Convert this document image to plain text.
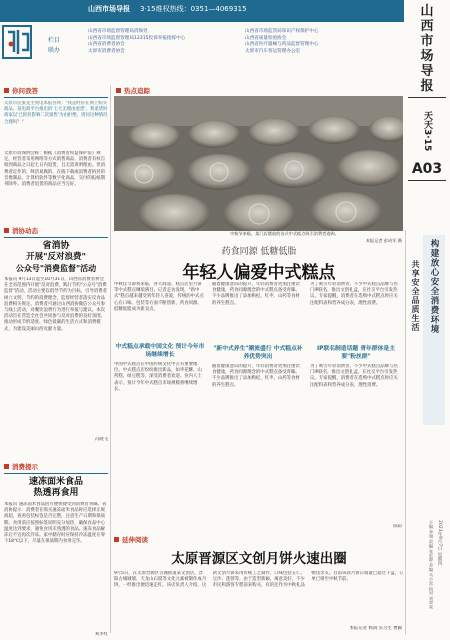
山西市场导报 3·15维权热线：0351—4069315
栏目联办
山西省市场监督管理局消保处
山西省市场监督管理局12315投诉举报指挥中心
山西省消费者协会
太原市消费者协会
山西省市场监管局知识产权保护中心
山西省质量检验协会
山西省医疗器械与药品监督管理中心
太原市汽车客运管理办公室
山
西
市
场
导
报
天天3·15
A03
构建放心安全消费环境
共享安全品质生活
2023年9月7日 星期四
主编 李旭 责编 张宏源 美编 马小雷 校对 刘荣荣
你问我答
太原市民张先生致电本报咨询："我是经常在网上购买商品，某电商平台推出的'七天无理由退货'，我退货时商家以'已拆封影响二次销售'为由拒绝，请问这种情况合理吗？"
太原市消保协会称：根据《消费者权益保护法》规定，经营者采用网络等方式销售商品，消费者有权自收到商品之日起七日内退货，且无需说明理由。但消费者定作的、鲜活易腐的、在线下载或消费者拆封的音像制品、计算机软件等数字化商品，交付的报纸期刊除外。消费者退货的商品应当完好。
消协动态
省消协
开展"反对浪费"
公众号"消费监督"活动
本报讯 9月13日起至10月31日，山西省消费者协会在全省范围内开展"反对浪费，践行节约"公众号"消费监督"活动。活动主要以倡导节约为目标，引导消费者树立文明、节约的消费理念，监督经营者落实反食品浪费相关规定。消费者可通过山西消协微信公众号参与线上活动，对餐饮浪费行为进行举报与建议。本次活动旨在营造全社会共同参与反对浪费的良好氛围，推动形成节约适度、绿色低碳的生活方式和消费模式，为建设美丽山西贡献力量。
冯晓飞
消费提示
速冻面米食品
热透再食用
本报讯 速冻面米食品因方便快捷受到消费者青睐。省消协提示：消费者在购买速冻面米食品时应选择正规商超，查看包装标签是否完整，注意生产日期和保质期。食用前应按照标签说明充分加热，确保食品中心温度达到要求，避免食用未熟透的食品。速冻食品解冻后不宜再次冷冻。家中储存时应保持冷冻温度在零下18℃以下，尽量在保质期内食用完毕。
刘李红
热点追踪
中秋节来临，某门店摆放的各式中式糕点吸引消费者选购。
本报记者 彭成军 摄
药食同源 低糖低脂
年轻人偏爱中式糕点
中秋佳节即将来临，各大商超、糕点店里月饼等中式糕点琳琅满目。记者走访发现，"新中式"糕点越来越受到年轻人喜爱，传统的中式点心在口味、包装等方面不断创新，药食同源、低糖低脂成为新卖点。
中式糕点承载中国文化 预计今年市场继续增长
中国中式糕点在中国传统文化中占有重要地位。中式糕点店纷纷推出新品，如枣花酥、山药糕、绿豆糕等，深受消费者欢迎。业内人士表示，预计今年中式糕点市场规模将继续增长。
随着健康意识的提升，年轻消费者更加注重饮食健康，药食同源理念的中式糕点备受青睐。不少品牌推出了添加枸杞、红枣、山药等食材的养生糕点。
"新中式养生"潮流盛行 中式糕点补养优势突出
随着健康意识的提升，年轻消费者更加注重饮食健康，药食同源理念的中式糕点备受青睐。不少品牌推出了添加枸杞、红枣、山药等食材的养生糕点。
为了吸引年轻消费者，不少中式糕点品牌与热门IP联名，推出文创礼盒，在社交平台引发热议。专家提醒，消费者在选购中式糕点时应关注配料表和营养成分表，理性消费。
IP联名制造话题 青年群体是主要"粉丝群"
为了吸引年轻消费者，不少中式糕点品牌与热门IP联名，推出文创礼盒，在社交平台引发热议。专家提醒，消费者在选购中式糕点时应关注配料表和营养成分表，理性消费。
陈彩
延伸阅读
太原晋源区文创月饼火速出圈
9月5日，在太原晋源区古城街道某文创店，晋阳古城城墙、天龙山石窟等文化元素被制作成月饼，一经推出便迅速走红。该店负责人介绍，这款文创月饼采用传统工艺制作，口味包括五仁、豆沙、莲蓉等。由于造型新颖、寓意美好，不少市民和游客专程前来购买，有的还作为中秋礼品赠送亲友。目前该款月饼日销量已超过千盒，订单已排至中秋节前。
本报记者 杨润 实习生 曹颖
